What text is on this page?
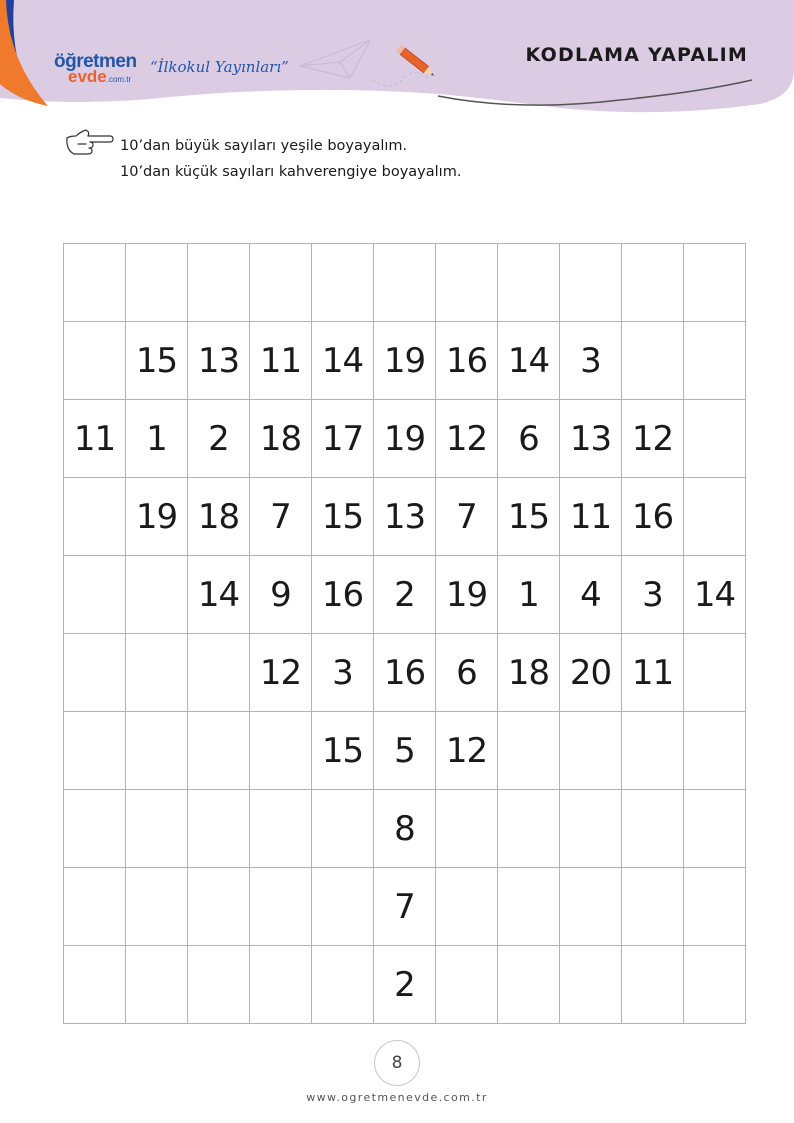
öğretmen
evde.com.tr
“İlkokul Yayınları”
KODLAMA YAPALIM
10’dan büyük sayıları yeşile boyayalım.
10’dan küçük sayıları kahverengiye boyayalım.

	15	13	11	14	19	16	14	3		
11	1	2	18	17	19	12	6	13	12	
	19	18	7	15	13	7	15	11	16	
		14	9	16	2	19	1	4	3	14
			12	3	16	6	18	20	11	
				15	5	12				
					8					
					7					
					2					
8
www.ogretmenevde.com.tr
